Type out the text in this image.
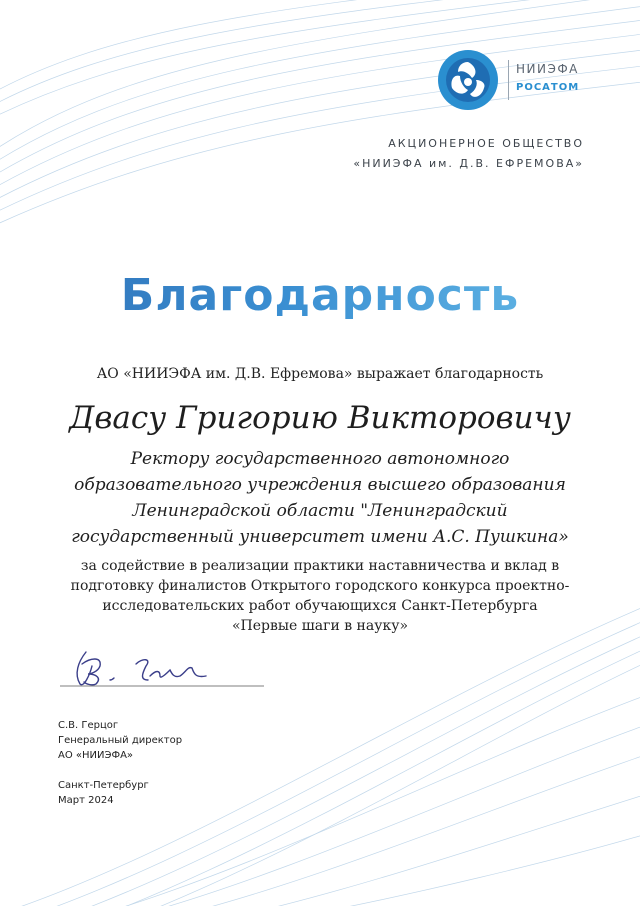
НИИЭФА
РОСАТОМ
АКЦИОНЕРНОЕ ОБЩЕСТВО
«НИИЭФА им. Д.В. ЕФРЕМОВА»
Благодарность
АО «НИИЭФА им. Д.В. Ефремова» выражает благодарность
Двасу Григорию Викторовичу
Ректору государственного автономного
образовательного учреждения высшего образования
Ленинградской области "Ленинградский
государственный университет имени А.С. Пушкина»
за содействие в реализации практики наставничества и вклад в
подготовку финалистов Открытого городского конкурса проектно-
исследовательских работ обучающихся Санкт-Петербурга
«Первые шаги в науку»
С.В. Герцог
Генеральный директор
АО «НИИЭФА»
Санкт-Петербург
Март 2024
